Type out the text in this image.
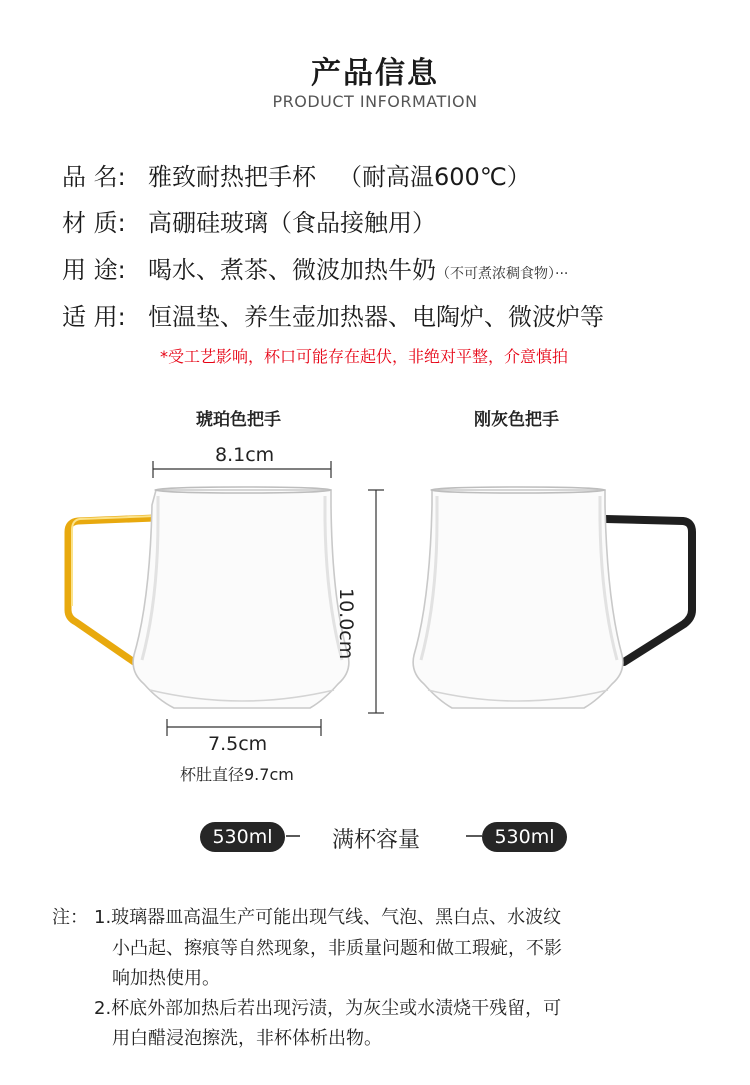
产品信息
PRODUCT INFORMATION
品 名: 雅致耐热把手杯 （耐高温600℃）
材 质: 高硼硅玻璃（食品接触用）
用 途: 喝水、煮茶、微波加热牛奶（不可煮浓稠食物）···
适 用: 恒温垫、养生壶加热器、电陶炉、微波炉等
*受工艺影响，杯口可能存在起伏，非绝对平整，介意慎拍
琥珀色把手	刚灰色把手
8.1cm
10.0cm
7.5cm
杯肚直径9.7cm
530ml	满杯容量	530ml
注： 1.玻璃器皿高温生产可能出现气线、气泡、黑白点、水波纹
小凸起、擦痕等自然现象，非质量问题和做工瑕疵，不影
响加热使用。
2.杯底外部加热后若出现污渍，为灰尘或水渍烧干残留，可
用白醋浸泡擦洗，非杯体析出物。
